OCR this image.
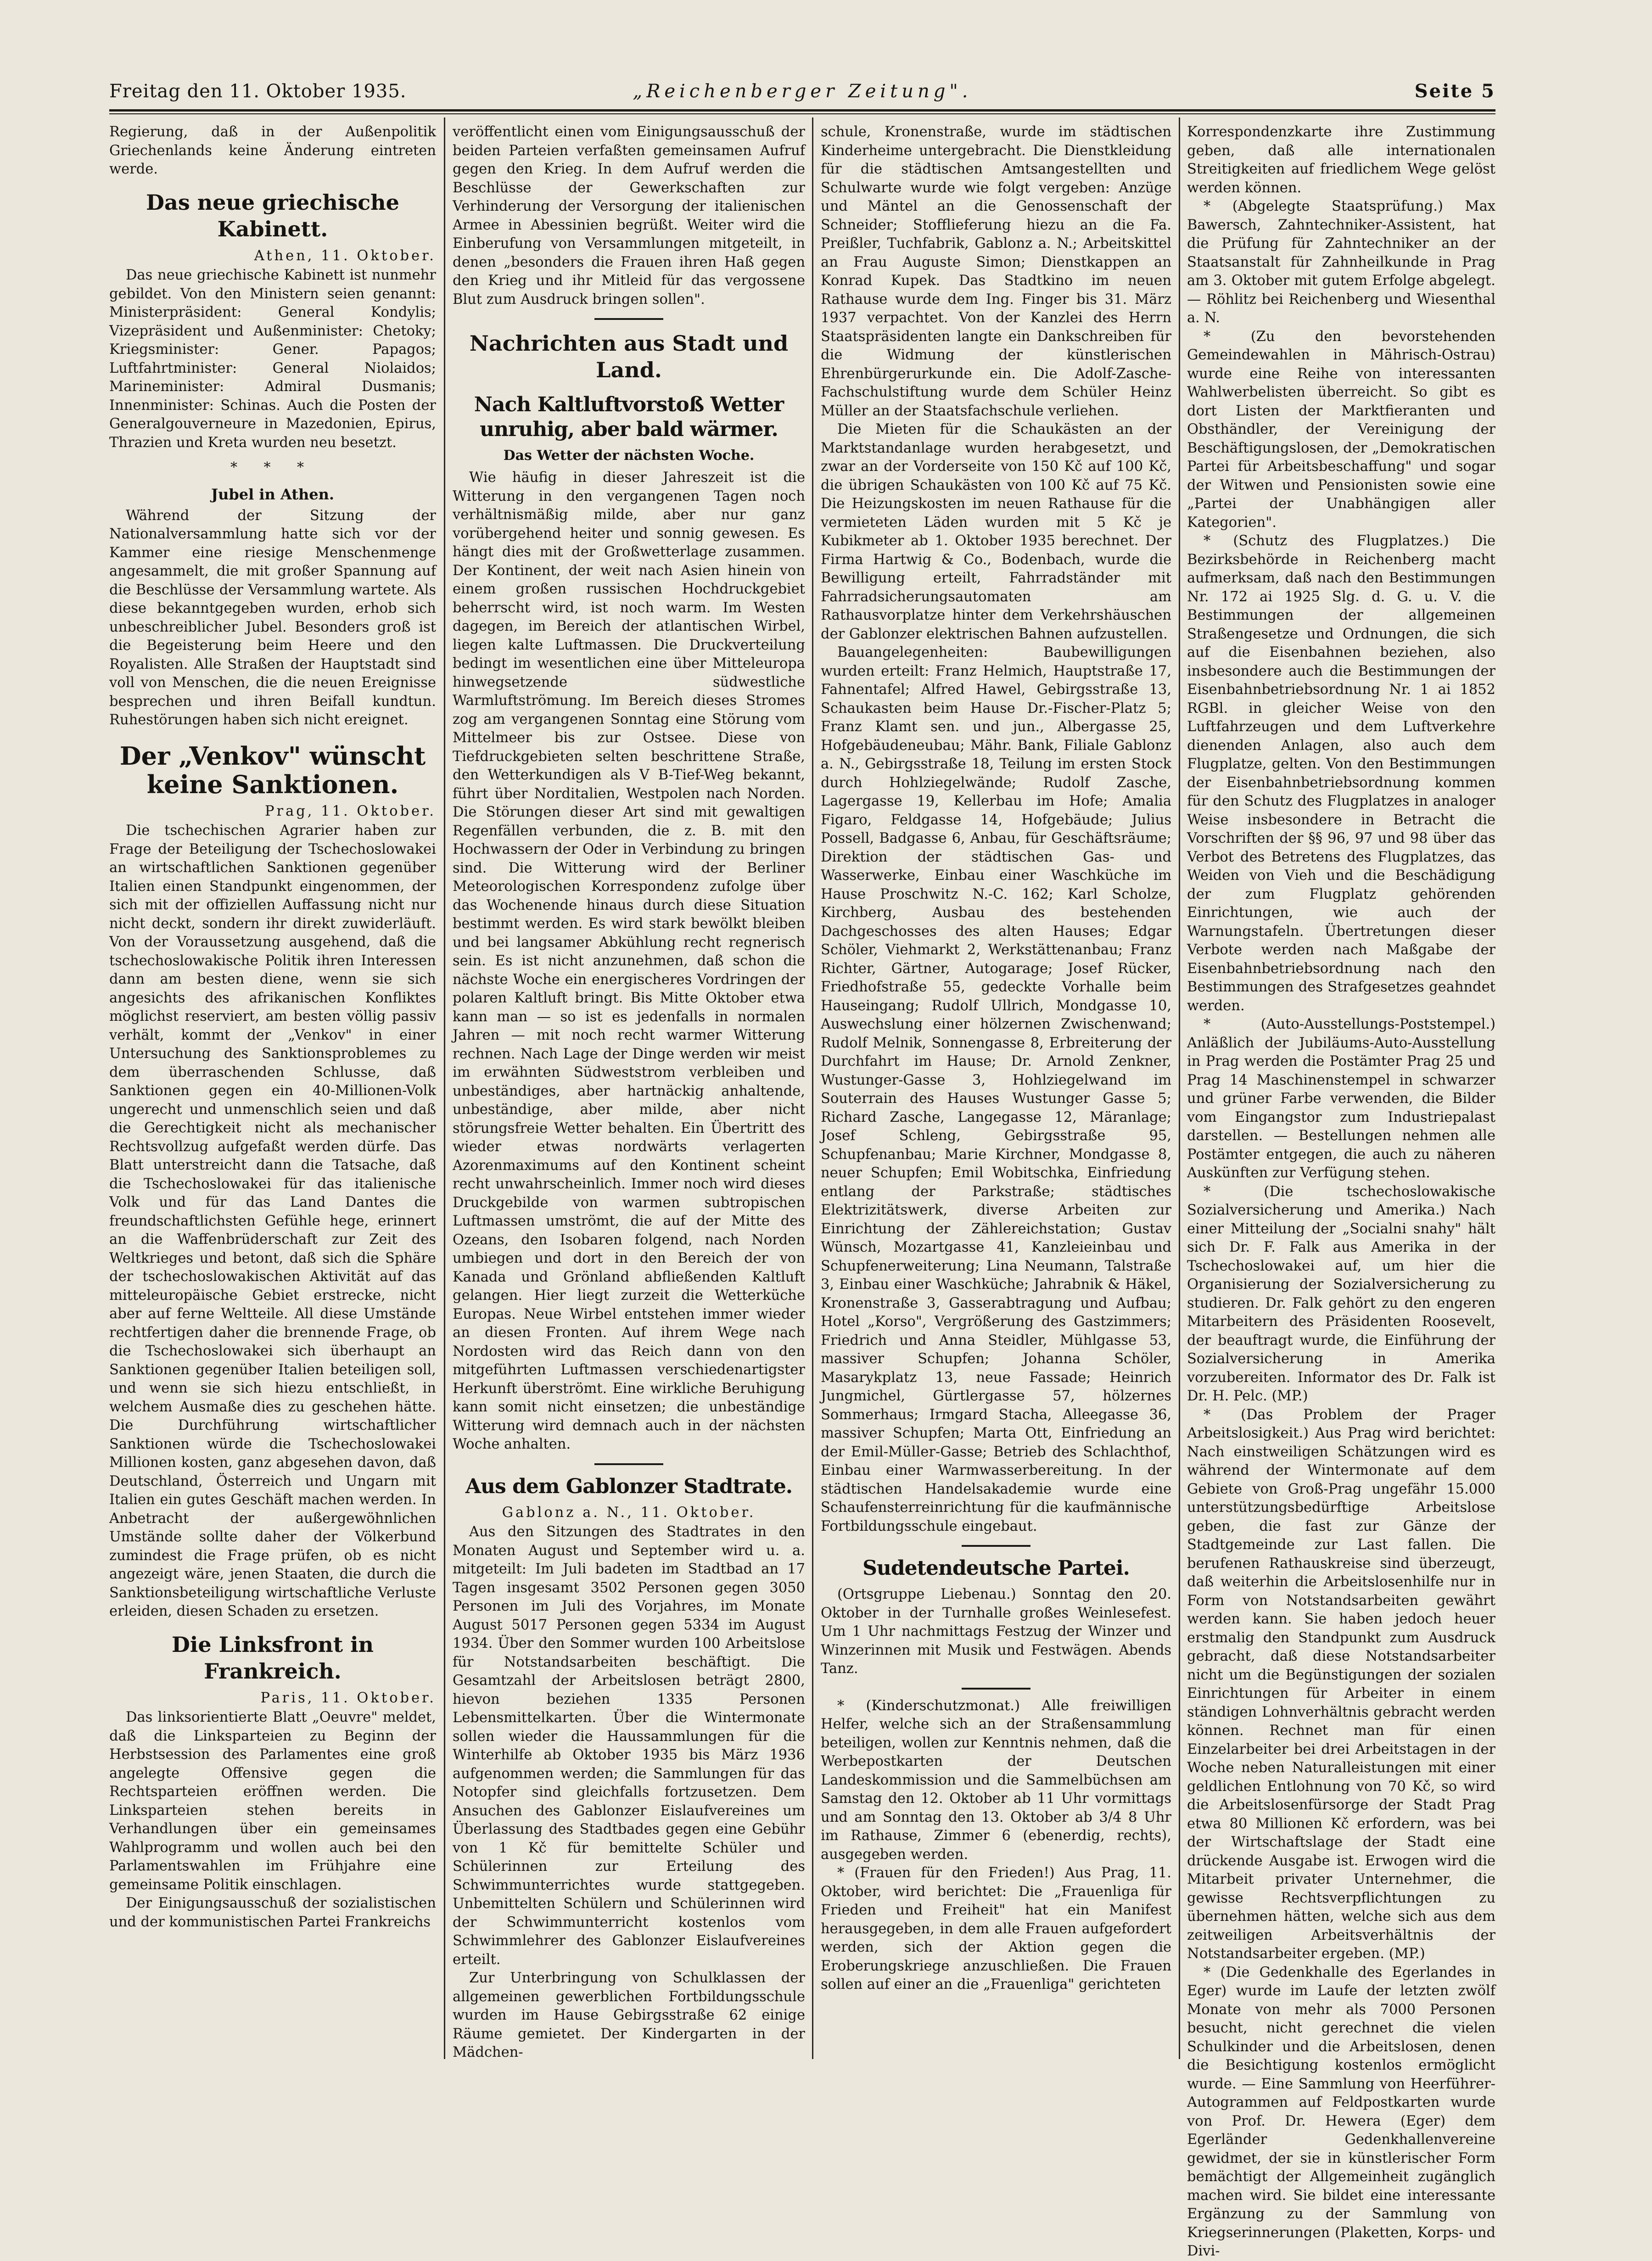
Freitag den 11. Oktober 1935.	„Reichenberger Zeitung".	Seite 5

Regierung, daß in der Außenpolitik Griechenlands keine Änderung eintreten werde.

Das neue griechische Kabinett.
Athen, 11. Oktober.

Das neue griechische Kabinett ist nunmehr gebildet. Von den Ministern seien genannt: Ministerpräsident: General Kondylis; Vizepräsident und Außenminister: Chetoky; Kriegsminister: Gener. Papagos; Luftfahrtminister: General Niolaidos; Marineminister: Admiral Dusmanis; Innenminister: Schinas. Auch die Posten der Generalgouverneure in Mazedonien, Epirus, Thrazien und Kreta wurden neu besetzt.

* * *
Jubel in Athen.

Während der Sitzung der Nationalversammlung hatte sich vor der Kammer eine riesige Menschenmenge angesammelt, die mit großer Spannung auf die Beschlüsse der Versammlung wartete. Als diese bekanntgegeben wurden, erhob sich unbeschreiblicher Jubel. Besonders groß ist die Begeisterung beim Heere und den Royalisten. Alle Straßen der Hauptstadt sind voll von Menschen, die die neuen Ereignisse besprechen und ihren Beifall kundtun. Ruhestörungen haben sich nicht ereignet.

Der „Venkov" wünscht keine Sanktionen.
Prag, 11. Oktober.

Die tschechischen Agrarier haben zur Frage der Beteiligung der Tschechoslowakei an wirtschaftlichen Sanktionen gegenüber Italien einen Standpunkt eingenommen, der sich mit der offiziellen Auffassung nicht nur nicht deckt, sondern ihr direkt zuwiderläuft. Von der Voraussetzung ausgehend, daß die tschechoslowakische Politik ihren Interessen dann am besten diene, wenn sie sich angesichts des afrikanischen Konfliktes möglichst reserviert, am besten völlig passiv verhält, kommt der „Venkov" in einer Untersuchung des Sanktionsproblemes zu dem überraschenden Schlusse, daß Sanktionen gegen ein 40-Millionen-Volk ungerecht und unmenschlich seien und daß die Gerechtigkeit nicht als mechanischer Rechtsvollzug aufgefaßt werden dürfe. Das Blatt unterstreicht dann die Tatsache, daß die Tschechoslowakei für das italienische Volk und für das Land Dantes die freundschaftlichsten Gefühle hege, erinnert an die Waffenbrüderschaft zur Zeit des Weltkrieges und betont, daß sich die Sphäre der tschechoslowakischen Aktivität auf das mitteleuropäische Gebiet erstrecke, nicht aber auf ferne Weltteile. All diese Umstände rechtfertigen daher die brennende Frage, ob die Tschechoslowakei sich überhaupt an Sanktionen gegenüber Italien beteiligen soll, und wenn sie sich hiezu entschließt, in welchem Ausmaße dies zu geschehen hätte. Die Durchführung wirtschaftlicher Sanktionen würde die Tschechoslowakei Millionen kosten, ganz abgesehen davon, daß Deutschland, Österreich und Ungarn mit Italien ein gutes Geschäft machen werden. In Anbetracht der außergewöhnlichen Umstände sollte daher der Völkerbund zumindest die Frage prüfen, ob es nicht angezeigt wäre, jenen Staaten, die durch die Sanktionsbeteiligung wirtschaftliche Verluste erleiden, diesen Schaden zu ersetzen.

Die Linksfront in Frankreich.
Paris, 11. Oktober.

Das linksorientierte Blatt „Oeuvre" meldet, daß die Linksparteien zu Beginn der Herbstsession des Parlamentes eine groß angelegte Offensive gegen die Rechtsparteien eröffnen werden. Die Linksparteien stehen bereits in Verhandlungen über ein gemeinsames Wahlprogramm und wollen auch bei den Parlamentswahlen im Frühjahre eine gemeinsame Politik einschlagen.

Der Einigungsausschuß der sozialistischen und der kommunistischen Partei Frankreichs

veröffentlicht einen vom Einigungsausschuß der beiden Parteien verfaßten gemeinsamen Aufruf gegen den Krieg. In dem Aufruf werden die Beschlüsse der Gewerkschaften zur Verhinderung der Versorgung der italienischen Armee in Abessinien begrüßt. Weiter wird die Einberufung von Versammlungen mitgeteilt, in denen „besonders die Frauen ihren Haß gegen den Krieg und ihr Mitleid für das vergossene Blut zum Ausdruck bringen sollen".

Nachrichten aus Stadt und Land.
Nach Kaltluftvorstoß Wetter unruhig, aber bald wärmer.
Das Wetter der nächsten Woche.

Wie häufig in dieser Jahreszeit ist die Witterung in den vergangenen Tagen noch verhältnismäßig milde, aber nur ganz vorübergehend heiter und sonnig gewesen. Es hängt dies mit der Großwetterlage zusammen. Der Kontinent, der weit nach Asien hinein von einem großen russischen Hochdruckgebiet beherrscht wird, ist noch warm. Im Westen dagegen, im Bereich der atlantischen Wirbel, liegen kalte Luftmassen. Die Druckverteilung bedingt im wesentlichen eine über Mitteleuropa hinwegsetzende südwestliche Warmluftströmung. Im Bereich dieses Stromes zog am vergangenen Sonntag eine Störung vom Mittelmeer bis zur Ostsee. Diese von Tiefdruckgebieten selten beschrittene Straße, den Wetterkundigen als V B-Tief-Weg bekannt, führt über Norditalien, Westpolen nach Norden. Die Störungen dieser Art sind mit gewaltigen Regenfällen verbunden, die z. B. mit den Hochwassern der Oder in Verbindung zu bringen sind. Die Witterung wird der Berliner Meteorologischen Korrespondenz zufolge über das Wochenende hinaus durch diese Situation bestimmt werden. Es wird stark bewölkt bleiben und bei langsamer Abkühlung recht regnerisch sein. Es ist nicht anzunehmen, daß schon die nächste Woche ein energischeres Vordringen der polaren Kaltluft bringt. Bis Mitte Oktober etwa kann man — so ist es jedenfalls in normalen Jahren — mit noch recht warmer Witterung rechnen. Nach Lage der Dinge werden wir meist im erwähnten Südweststrom verbleiben und unbeständiges, aber hartnäckig anhaltende, unbeständige, aber milde, aber nicht störungsfreie Wetter behalten. Ein Übertritt des wieder etwas nordwärts verlagerten Azorenmaximums auf den Kontinent scheint recht unwahrscheinlich. Immer noch wird dieses Druckgebilde von warmen subtropischen Luftmassen umströmt, die auf der Mitte des Ozeans, den Isobaren folgend, nach Norden umbiegen und dort in den Bereich der von Kanada und Grönland abfließenden Kaltluft gelangen. Hier liegt zurzeit die Wetterküche Europas. Neue Wirbel entstehen immer wieder an diesen Fronten. Auf ihrem Wege nach Nordosten wird das Reich dann von den mitgeführten Luftmassen verschiedenartigster Herkunft überströmt. Eine wirkliche Beruhigung kann somit nicht einsetzen; die unbeständige Witterung wird demnach auch in der nächsten Woche anhalten.

Aus dem Gablonzer Stadtrate.
Gablonz a. N., 11. Oktober.

Aus den Sitzungen des Stadtrates in den Monaten August und September wird u. a. mitgeteilt: Im Juli badeten im Stadtbad an 17 Tagen insgesamt 3502 Personen gegen 3050 Personen im Juli des Vorjahres, im Monate August 5017 Personen gegen 5334 im August 1934. Über den Sommer wurden 100 Arbeitslose für Notstandsarbeiten beschäftigt. Die Gesamtzahl der Arbeitslosen beträgt 2800, hievon beziehen 1335 Personen Lebensmittelkarten. Über die Wintermonate sollen wieder die Haussammlungen für die Winterhilfe ab Oktober 1935 bis März 1936 aufgenommen werden; die Sammlungen für das Notopfer sind gleichfalls fortzusetzen. Dem Ansuchen des Gablonzer Eislaufvereines um Überlassung des Stadtbades gegen eine Gebühr von 1 Kč für bemittelte Schüler und Schülerinnen zur Erteilung des Schwimmunterrichtes wurde stattgegeben. Unbemittelten Schülern und Schülerinnen wird der Schwimmunterricht kostenlos vom Schwimmlehrer des Gablonzer Eislaufvereines erteilt.

Zur Unterbringung von Schulklassen der allgemeinen gewerblichen Fortbildungsschule wurden im Hause Gebirgsstraße 62 einige Räume gemietet. Der Kindergarten in der Mädchen-

schule, Kronenstraße, wurde im städtischen Kinderheime untergebracht. Die Dienstkleidung für die städtischen Amtsangestellten und Schulwarte wurde wie folgt vergeben: Anzüge und Mäntel an die Genossenschaft der Schneider; Stofflieferung hiezu an die Fa. Preißler, Tuchfabrik, Gablonz a. N.; Arbeitskittel an Frau Auguste Simon; Dienstkappen an Konrad Kupek. Das Stadtkino im neuen Rathause wurde dem Ing. Finger bis 31. März 1937 verpachtet. Von der Kanzlei des Herrn Staatspräsidenten langte ein Dankschreiben für die Widmung der künstlerischen Ehrenbürgerurkunde ein. Die Adolf-Zasche-Fachschulstiftung wurde dem Schüler Heinz Müller an der Staatsfachschule verliehen.

Die Mieten für die Schaukästen an der Marktstandanlage wurden herabgesetzt, und zwar an der Vorderseite von 150 Kč auf 100 Kč, die übrigen Schaukästen von 100 Kč auf 75 Kč. Die Heizungskosten im neuen Rathause für die vermieteten Läden wurden mit 5 Kč je Kubikmeter ab 1. Oktober 1935 berechnet. Der Firma Hartwig & Co., Bodenbach, wurde die Bewilligung erteilt, Fahrradständer mit Fahrradsicherungsautomaten am Rathausvorplatze hinter dem Verkehrshäuschen der Gablonzer elektrischen Bahnen aufzustellen.

Bauangelegenheiten: Baubewilligungen wurden erteilt: Franz Helmich, Hauptstraße 17, Fahnentafel; Alfred Hawel, Gebirgsstraße 13, Schaukasten beim Hause Dr.-Fischer-Platz 5; Franz Klamt sen. und jun., Albergasse 25, Hofgebäudeneubau; Mähr. Bank, Filiale Gablonz a. N., Gebirgsstraße 18, Teilung im ersten Stock durch Hohlziegelwände; Rudolf Zasche, Lagergasse 19, Kellerbau im Hofe; Amalia Figaro, Feldgasse 14, Hofgebäude; Julius Possell, Badgasse 6, Anbau, für Geschäftsräume; Direktion der städtischen Gas- und Wasserwerke, Einbau einer Waschküche im Hause Proschwitz N.-C. 162; Karl Scholze, Kirchberg, Ausbau des bestehenden Dachgeschosses des alten Hauses; Edgar Schöler, Viehmarkt 2, Werkstättenanbau; Franz Richter, Gärtner, Autogarage; Josef Rücker, Friedhofstraße 55, gedeckte Vorhalle beim Hauseingang; Rudolf Ullrich, Mondgasse 10, Auswechslung einer hölzernen Zwischenwand; Rudolf Melnik, Sonnengasse 8, Erbreiterung der Durchfahrt im Hause; Dr. Arnold Zenkner, Wustunger-Gasse 3, Hohlziegelwand im Souterrain des Hauses Wustunger Gasse 5; Richard Zasche, Langegasse 12, Märanlage; Josef Schleng, Gebirgsstraße 95, Schupfenanbau; Marie Kirchner, Mondgasse 8, neuer Schupfen; Emil Wobitschka, Einfriedung entlang der Parkstraße; städtisches Elektrizitätswerk, diverse Arbeiten zur Einrichtung der Zählereichstation; Gustav Wünsch, Mozartgasse 41, Kanzleieinbau und Schupfenerweiterung; Lina Neumann, Talstraße 3, Einbau einer Waschküche; Jahrabnik & Häkel, Kronenstraße 3, Gasserabtragung und Aufbau; Hotel „Korso", Vergrößerung des Gastzimmers; Friedrich und Anna Steidler, Mühlgasse 53, massiver Schupfen; Johanna Schöler, Masarykplatz 13, neue Fassade; Heinrich Jungmichel, Gürtlergasse 57, hölzernes Sommerhaus; Irmgard Stacha, Alleegasse 36, massiver Schupfen; Marta Ott, Einfriedung an der Emil-Müller-Gasse; Betrieb des Schlachthof, Einbau einer Warmwasserbereitung. In der städtischen Handelsakademie wurde eine Schaufensterreinrichtung für die kaufmännische Fortbildungsschule eingebaut.

Sudetendeutsche Partei.

(Ortsgruppe Liebenau.) Sonntag den 20. Oktober in der Turnhalle großes Weinlesefest. Um 1 Uhr nachmittags Festzug der Winzer und Winzerinnen mit Musik und Festwägen. Abends Tanz.

* (Kinderschutzmonat.) Alle freiwilligen Helfer, welche sich an der Straßensammlung beteiligen, wollen zur Kenntnis nehmen, daß die Werbepostkarten der Deutschen Landeskommission und die Sammelbüchsen am Samstag den 12. Oktober ab 11 Uhr vormittags und am Sonntag den 13. Oktober ab 3/4 8 Uhr im Rathause, Zimmer 6 (ebenerdig, rechts), ausgegeben werden.

* (Frauen für den Frieden!) Aus Prag, 11. Oktober, wird berichtet: Die „Frauenliga für Frieden und Freiheit" hat ein Manifest herausgegeben, in dem alle Frauen aufgefordert werden, sich der Aktion gegen die Eroberungskriege anzuschließen. Die Frauen sollen auf einer an die „Frauenliga" gerichteten

Korrespondenzkarte ihre Zustimmung geben, daß alle internationalen Streitigkeiten auf friedlichem Wege gelöst werden können.

* (Abgelegte Staatsprüfung.) Max Bawersch, Zahntechniker-Assistent, hat die Prüfung für Zahntechniker an der Staatsanstalt für Zahnheilkunde in Prag am 3. Oktober mit gutem Erfolge abgelegt. — Röhlitz bei Reichenberg und Wiesenthal a. N.

* (Zu den bevorstehenden Gemeindewahlen in Mährisch-Ostrau) wurde eine Reihe von interessanten Wahlwerbelisten überreicht. So gibt es dort Listen der Marktfieranten und Obsthändler, der Vereinigung der Beschäftigungslosen, der „Demokratischen Partei für Arbeitsbeschaffung" und sogar der Witwen und Pensionisten sowie eine „Partei der Unabhängigen aller Kategorien".

* (Schutz des Flugplatzes.) Die Bezirksbehörde in Reichenberg macht aufmerksam, daß nach den Bestimmungen Nr. 172 ai 1925 Slg. d. G. u. V. die Bestimmungen der allgemeinen Straßengesetze und Ordnungen, die sich auf die Eisenbahnen beziehen, also insbesondere auch die Bestimmungen der Eisenbahnbetriebsordnung Nr. 1 ai 1852 RGBl. in gleicher Weise von den Luftfahrzeugen und dem Luftverkehre dienenden Anlagen, also auch dem Flugplatze, gelten. Von den Bestimmungen der Eisenbahnbetriebsordnung kommen für den Schutz des Flugplatzes in analoger Weise insbesondere in Betracht die Vorschriften der §§ 96, 97 und 98 über das Verbot des Betretens des Flugplatzes, das Weiden von Vieh und die Beschädigung der zum Flugplatz gehörenden Einrichtungen, wie auch der Warnungstafeln. Übertretungen dieser Verbote werden nach Maßgabe der Eisenbahnbetriebsordnung nach den Bestimmungen des Strafgesetzes geahndet werden.

* (Auto-Ausstellungs-Poststempel.) Anläßlich der Jubiläums-Auto-Ausstellung in Prag werden die Postämter Prag 25 und Prag 14 Maschinenstempel in schwarzer und grüner Farbe verwenden, die Bilder vom Eingangstor zum Industriepalast darstellen. — Bestellungen nehmen alle Postämter entgegen, die auch zu näheren Auskünften zur Verfügung stehen.

* (Die tschechoslowakische Sozialversicherung und Amerika.) Nach einer Mitteilung der „Socialni snahy" hält sich Dr. F. Falk aus Amerika in der Tschechoslowakei auf, um hier die Organisierung der Sozialversicherung zu studieren. Dr. Falk gehört zu den engeren Mitarbeitern des Präsidenten Roosevelt, der beauftragt wurde, die Einführung der Sozialversicherung in Amerika vorzubereiten. Informator des Dr. Falk ist Dr. H. Pelc. (MP.)

* (Das Problem der Prager Arbeitslosigkeit.) Aus Prag wird berichtet: Nach einstweiligen Schätzungen wird es während der Wintermonate auf dem Gebiete von Groß-Prag ungefähr 15.000 unterstützungsbedürftige Arbeitslose geben, die fast zur Gänze der Stadtgemeinde zur Last fallen. Die berufenen Rathauskreise sind überzeugt, daß weiterhin die Arbeitslosenhilfe nur in Form von Notstandsarbeiten gewährt werden kann. Sie haben jedoch heuer erstmalig den Standpunkt zum Ausdruck gebracht, daß diese Notstandsarbeiter nicht um die Begünstigungen der sozialen Einrichtungen für Arbeiter in einem ständigen Lohnverhältnis gebracht werden können. Rechnet man für einen Einzelarbeiter bei drei Arbeitstagen in der Woche neben Naturalleistungen mit einer geldlichen Entlohnung von 70 Kč, so wird die Arbeitslosenfürsorge der Stadt Prag etwa 80 Millionen Kč erfordern, was bei der Wirtschaftslage der Stadt eine drückende Ausgabe ist. Erwogen wird die Mitarbeit privater Unternehmer, die gewisse Rechtsverpflichtungen zu übernehmen hätten, welche sich aus dem zeitweiligen Arbeitsverhältnis der Notstandsarbeiter ergeben. (MP.)

* (Die Gedenkhalle des Egerlandes in Eger) wurde im Laufe der letzten zwölf Monate von mehr als 7000 Personen besucht, nicht gerechnet die vielen Schulkinder und die Arbeitslosen, denen die Besichtigung kostenlos ermöglicht wurde. — Eine Sammlung von Heerführer-Autogrammen auf Feldpostkarten wurde von Prof. Dr. Hewera (Eger) dem Egerländer Gedenkhallenvereine gewidmet, der sie in künstlerischer Form bemächtigt der Allgemeinheit zugänglich machen wird. Sie bildet eine interessante Ergänzung zu der Sammlung von Kriegserinnerungen (Plaketten, Korps- und Divi-
